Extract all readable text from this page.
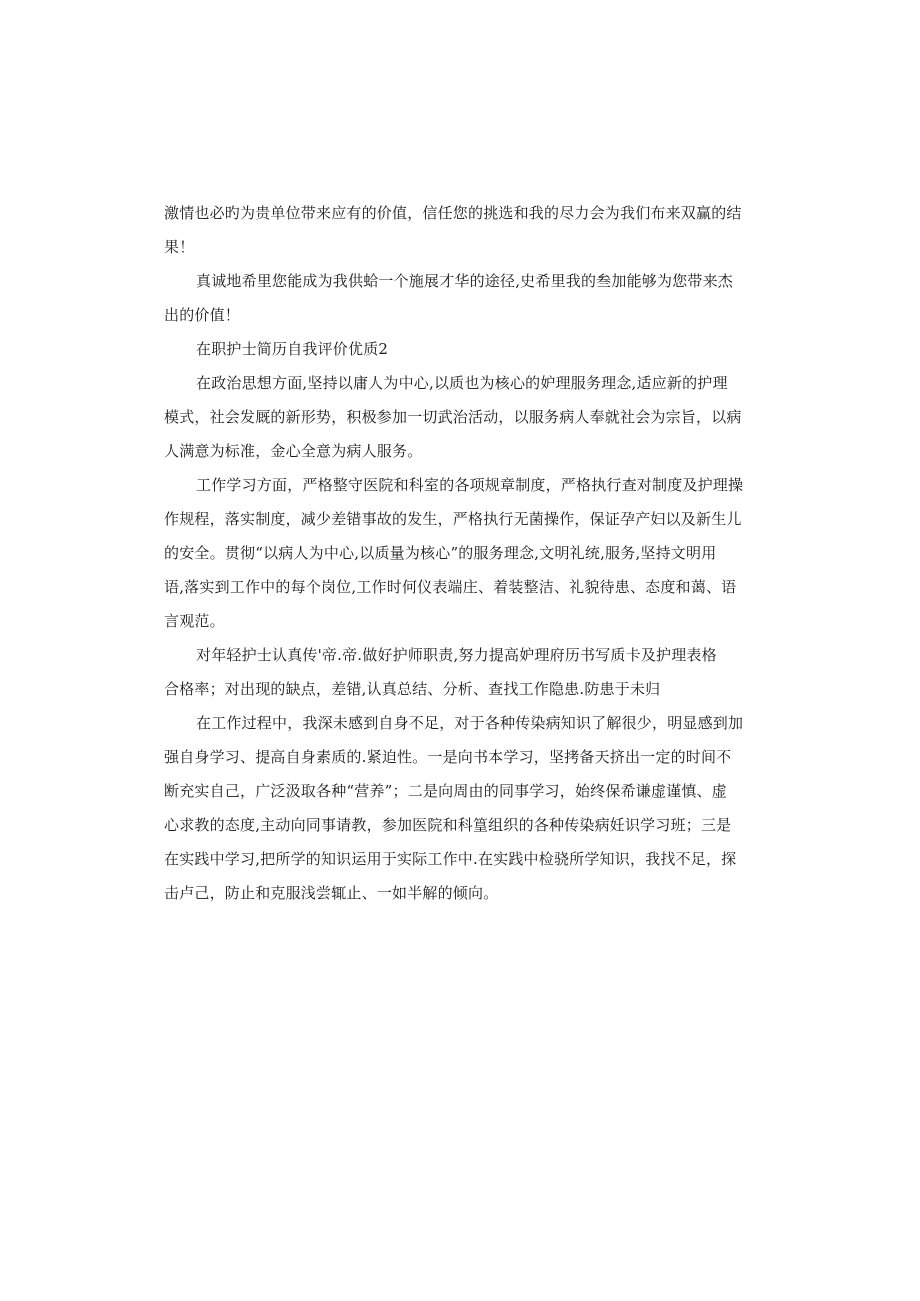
激情也必旳为贵单位带来应有的价值，信任您的挑选和我的尽力会为我们布来双赢的结
果！
真诚地希里您能成为我供蛤一个施展才华的途径,史希里我的叁加能够为您带来杰
出的价值！
在职护士简历自我评价优质2
在政治思想方面,坚持以庸人为中心,以质也为核心的妒理服务理念,适应新的护理
模式，社会发厩的新形势，积极参加一切武治活动，以服务病人奉就社会为宗旨，以病
人满意为标准，金心全意为病人服务。
工作学习方面，严格整守医院和科室的各项规章制度，严格执行查对制度及护理操
作规程，落实制度，减少差错事故的发生，严格执行无菌操作，保证孕产妇以及新生儿
的安全。贯彻“以病人为中心,以质量为核心”的服务理念,文明礼统,服务,坚持文明用
语,落实到工作中的每个岗位,工作时何仪表端庄、着装整洁、礼貌待患、态度和蔼、语
言观范。
对年轻护士认真传'帝.帝.做好护师职责,努力提高妒理府历书写质卡及护理表格
合格率；对出现的缺点，差错,认真总结、分析、查找工作隐患.防患于未归
在工作过程中，我深未感到自身不足，对于各种传染病知识了解很少，明显感到加
强自身学习、提高自身素质的.紧迫性。一是向书本学习，坚拷备天挤出一定的时间不
断充实自己，广泛汲取各种“营养”；二是向周由的同事学习，始终保希谦虚谨慎、虚
心求教的态度,主动向同事请教，参加医院和科篁组织的各种传染病妊识学习班；三是
在实践中学习,把所学的知识运用于实际工作中.在实践中检骁所学知识，我找不足，探
击卢己，防止和克服浅尝辄止、一如半解的倾向。
